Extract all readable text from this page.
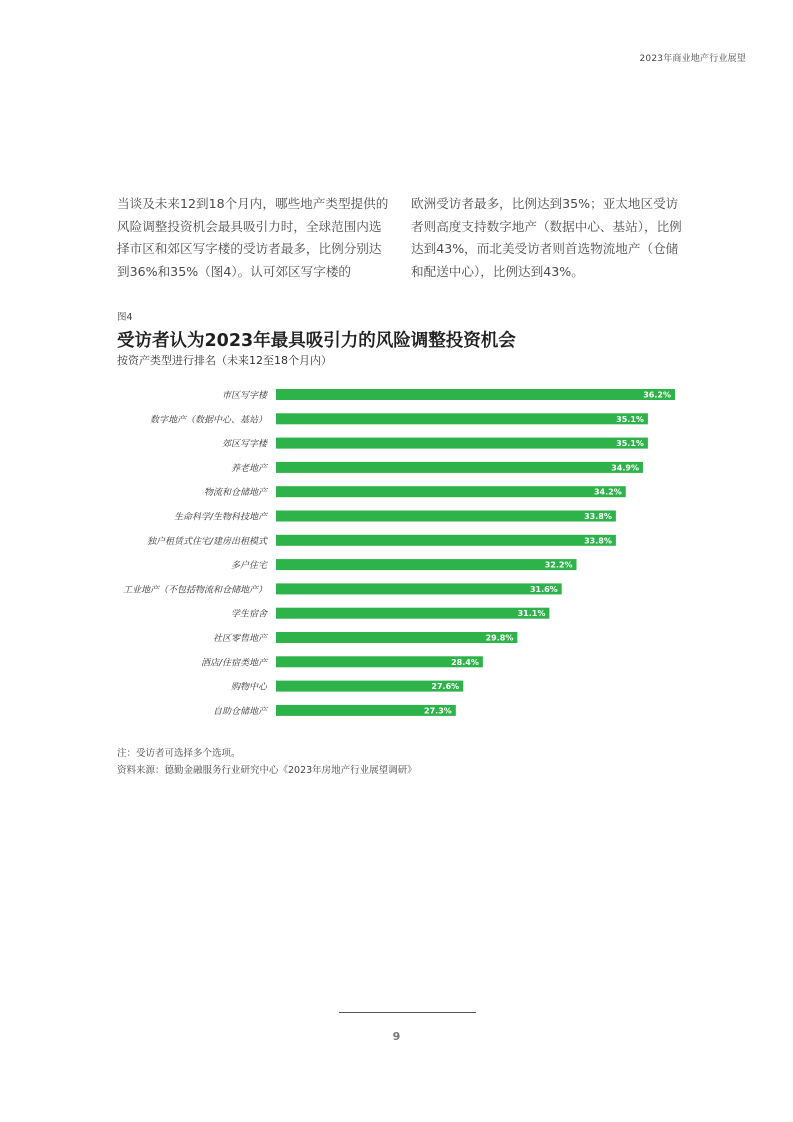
2023年商业地产行业展望
当谈及未来12到18个月内，哪些地产类型提供的风险调整投资机会最具吸引力时，全球范围内选择市区和郊区写字楼的受访者最多，比例分别达到36%和35%（图4）。认可郊区写字楼的
欧洲受访者最多，比例达到35%；亚太地区受访者则高度支持数字地产（数据中心、基站），比例达到43%，而北美受访者则首选物流地产（仓储和配送中心），比例达到43%。
图4
受访者认为2023年最具吸引力的风险调整投资机会
按资产类型进行排名（未来12至18个月内）
市区写字楼	36.2%
数字地产（数据中心、基站）	35.1%
郊区写字楼	35.1%
养老地产	34.9%
物流和仓储地产	34.2%
生命科学/生物科技地产	33.8%
独户租赁式住宅/建房出租模式	33.8%
多户住宅	32.2%
工业地产（不包括物流和仓储地产）	31.6%
学生宿舍	31.1%
社区零售地产	29.8%
酒店/住宿类地产	28.4%
购物中心	27.6%
自助仓储地产	27.3%
注：受访者可选择多个选项。
资料来源：德勤金融服务行业研究中心《2023年房地产行业展望调研》
9
